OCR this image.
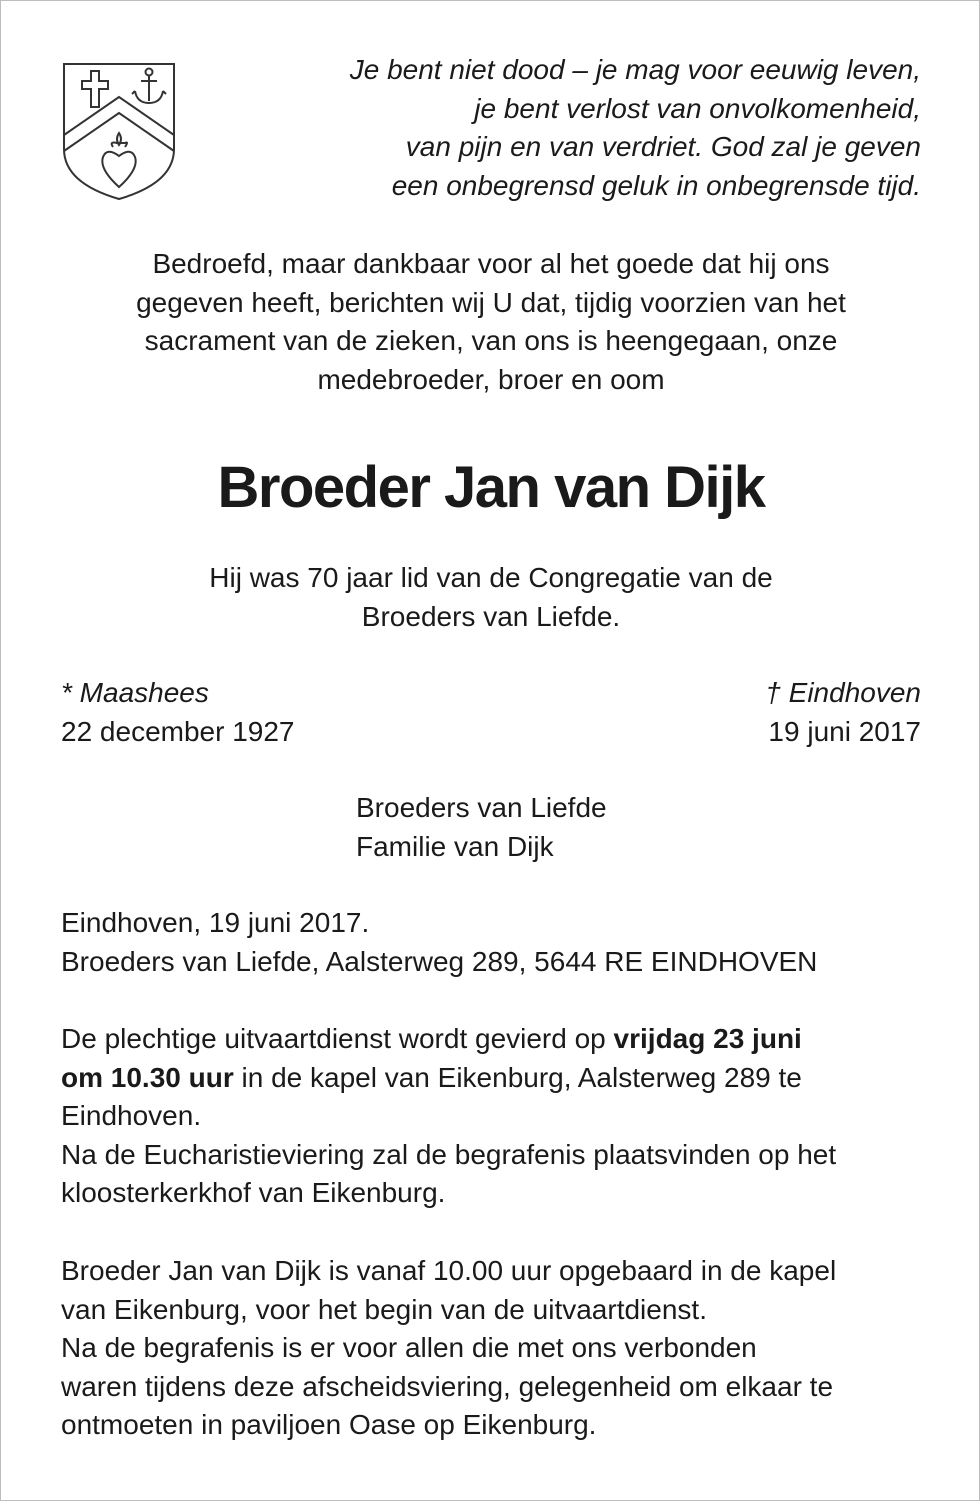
Je bent niet dood – je mag voor eeuwig leven,
je bent verlost van onvolkomenheid,
van pijn en van verdriet. God zal je geven
een onbegrensd geluk in onbegrensde tijd.
Bedroefd, maar dankbaar voor al het goede dat hij ons
gegeven heeft, berichten wij U dat, tijdig voorzien van het
sacrament van de zieken, van ons is heengegaan, onze
medebroeder, broer en oom
Broeder Jan van Dijk
Hij was 70 jaar lid van de Congregatie van de
Broeders van Liefde.
* Maashees
22 december 1927
† Eindhoven
19 juni 2017
Broeders van Liefde
Familie van Dijk
Eindhoven, 19 juni 2017.
Broeders van Liefde, Aalsterweg 289, 5644 RE EINDHOVEN
De plechtige uitvaartdienst wordt gevierd op vrijdag 23 juni
om 10.30 uur in de kapel van Eikenburg, Aalsterweg 289 te
Eindhoven.
Na de Eucharistieviering zal de begrafenis plaatsvinden op het
kloosterkerkhof van Eikenburg.
Broeder Jan van Dijk is vanaf 10.00 uur opgebaard in de kapel
van Eikenburg, voor het begin van de uitvaartdienst.
Na de begrafenis is er voor allen die met ons verbonden
waren tijdens deze afscheidsviering, gelegenheid om elkaar te
ontmoeten in paviljoen Oase op Eikenburg.
